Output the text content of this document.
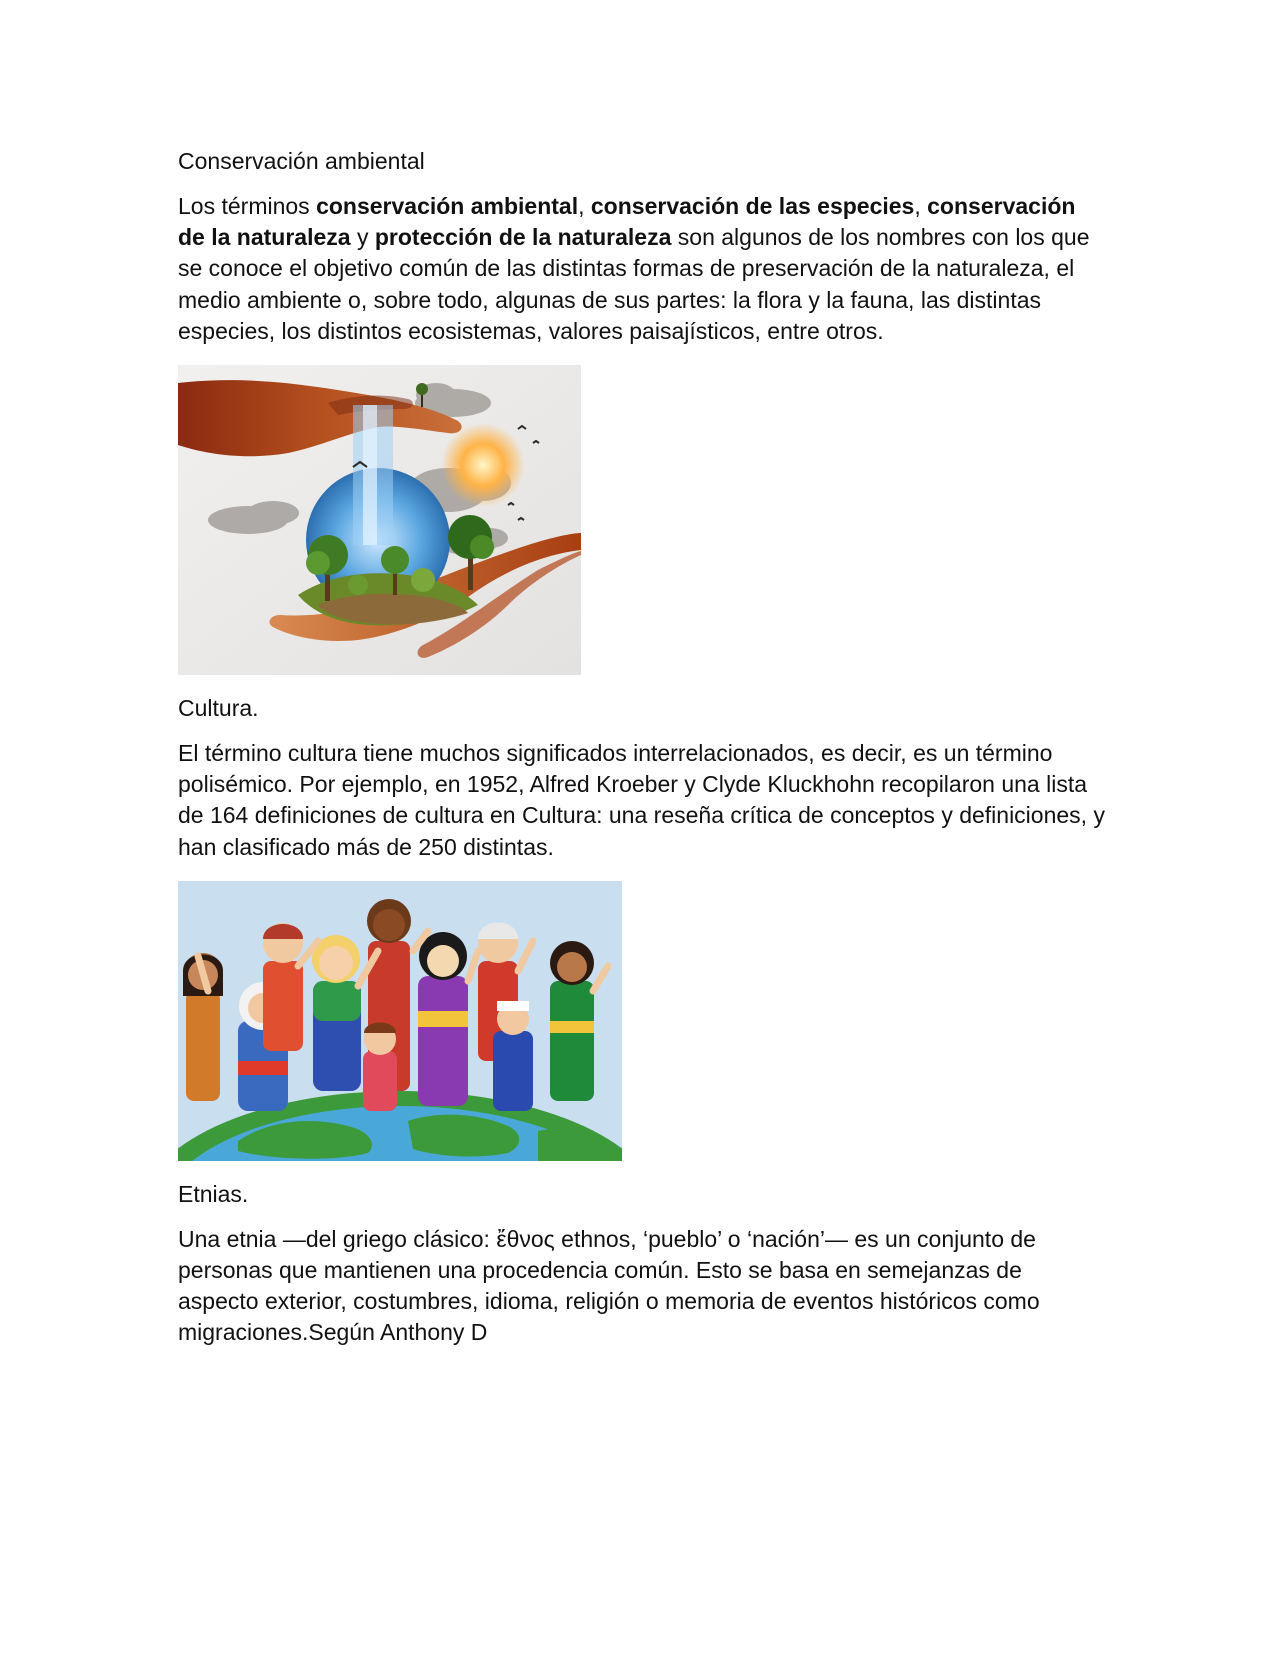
Conservación ambiental

Los términos conservación ambiental, conservación de las especies, conservación de la naturaleza y protección de la naturaleza son algunos de los nombres con los que se conoce el objetivo común de las distintas formas de preservación de la naturaleza, el medio ambiente o, sobre todo, algunas de sus partes: la flora y la fauna, las distintas especies, los distintos ecosistemas, valores paisajísticos, entre otros.

Cultura.

El término cultura tiene muchos significados interrelacionados, es decir, es un término polisémico. Por ejemplo, en 1952, Alfred Kroeber y Clyde Kluckhohn recopilaron una lista de 164 definiciones de cultura en Cultura: una reseña crítica de conceptos y definiciones, y han clasificado más de 250 distintas.

Etnias.

Una etnia —del griego clásico: ἔθνος ethnos, ‘pueblo’ o ‘nación’— es un conjunto de personas que mantienen una procedencia común. Esto se basa en semejanzas de aspecto exterior, costumbres, idioma, religión o memoria de eventos históricos como migraciones.Según Anthony D
